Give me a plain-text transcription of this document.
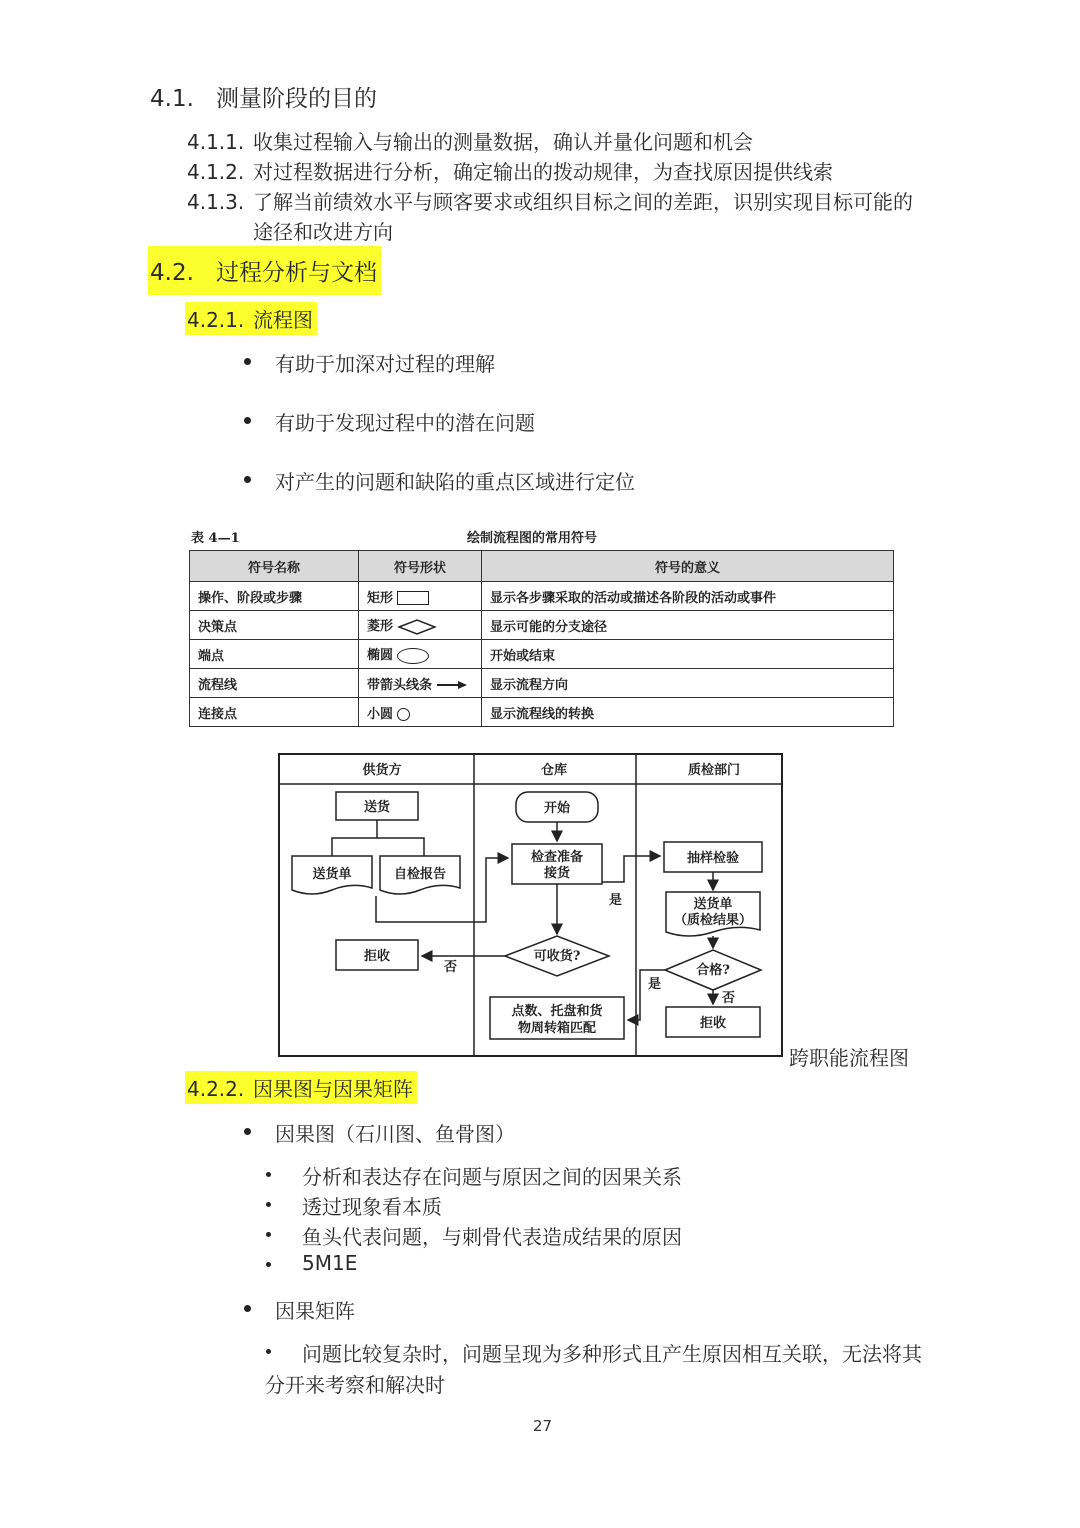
4.1. 测量阶段的目的
4.1.1. 收集过程输入与输出的测量数据，确认并量化问题和机会
4.1.2. 对过程数据进行分析，确定输出的拨动规律，为查找原因提供线索
4.1.3. 了解当前绩效水平与顾客要求或组织目标之间的差距，识别实现目标可能的
途径和改进方向
4.2. 过程分析与文档
4.2.1. 流程图
有助于加深对过程的理解
有助于发现过程中的潜在问题
对产生的问题和缺陷的重点区域进行定位
表 4—1	绘制流程图的常用符号
符号名称	符号形状	符号的意义
操作、阶段或步骤	矩形	显示各步骤采取的活动或描述各阶段的活动或事件
决策点	菱形	显示可能的分支途径
端点	椭圆	开始或结束
流程线	带箭头线条	显示流程方向
连接点	小圆	显示流程线的转换
供货方	仓库	质检部门
送货
送货单	自检报告
拒收
开始
检查准备
接货
是
可收货?
否
点数、托盘和货
物周转箱匹配
抽样检验
送货单
（质检结果）
合格?
否
是
拒收
跨职能流程图
4.2.2. 因果图与因果矩阵
因果图（石川图、鱼骨图）
分析和表达存在问题与原因之间的因果关系
透过现象看本质
鱼头代表问题，与刺骨代表造成结果的原因
5M1E
因果矩阵
问题比较复杂时，问题呈现为多种形式且产生原因相互关联，无法将其
分开来考察和解决时
27
